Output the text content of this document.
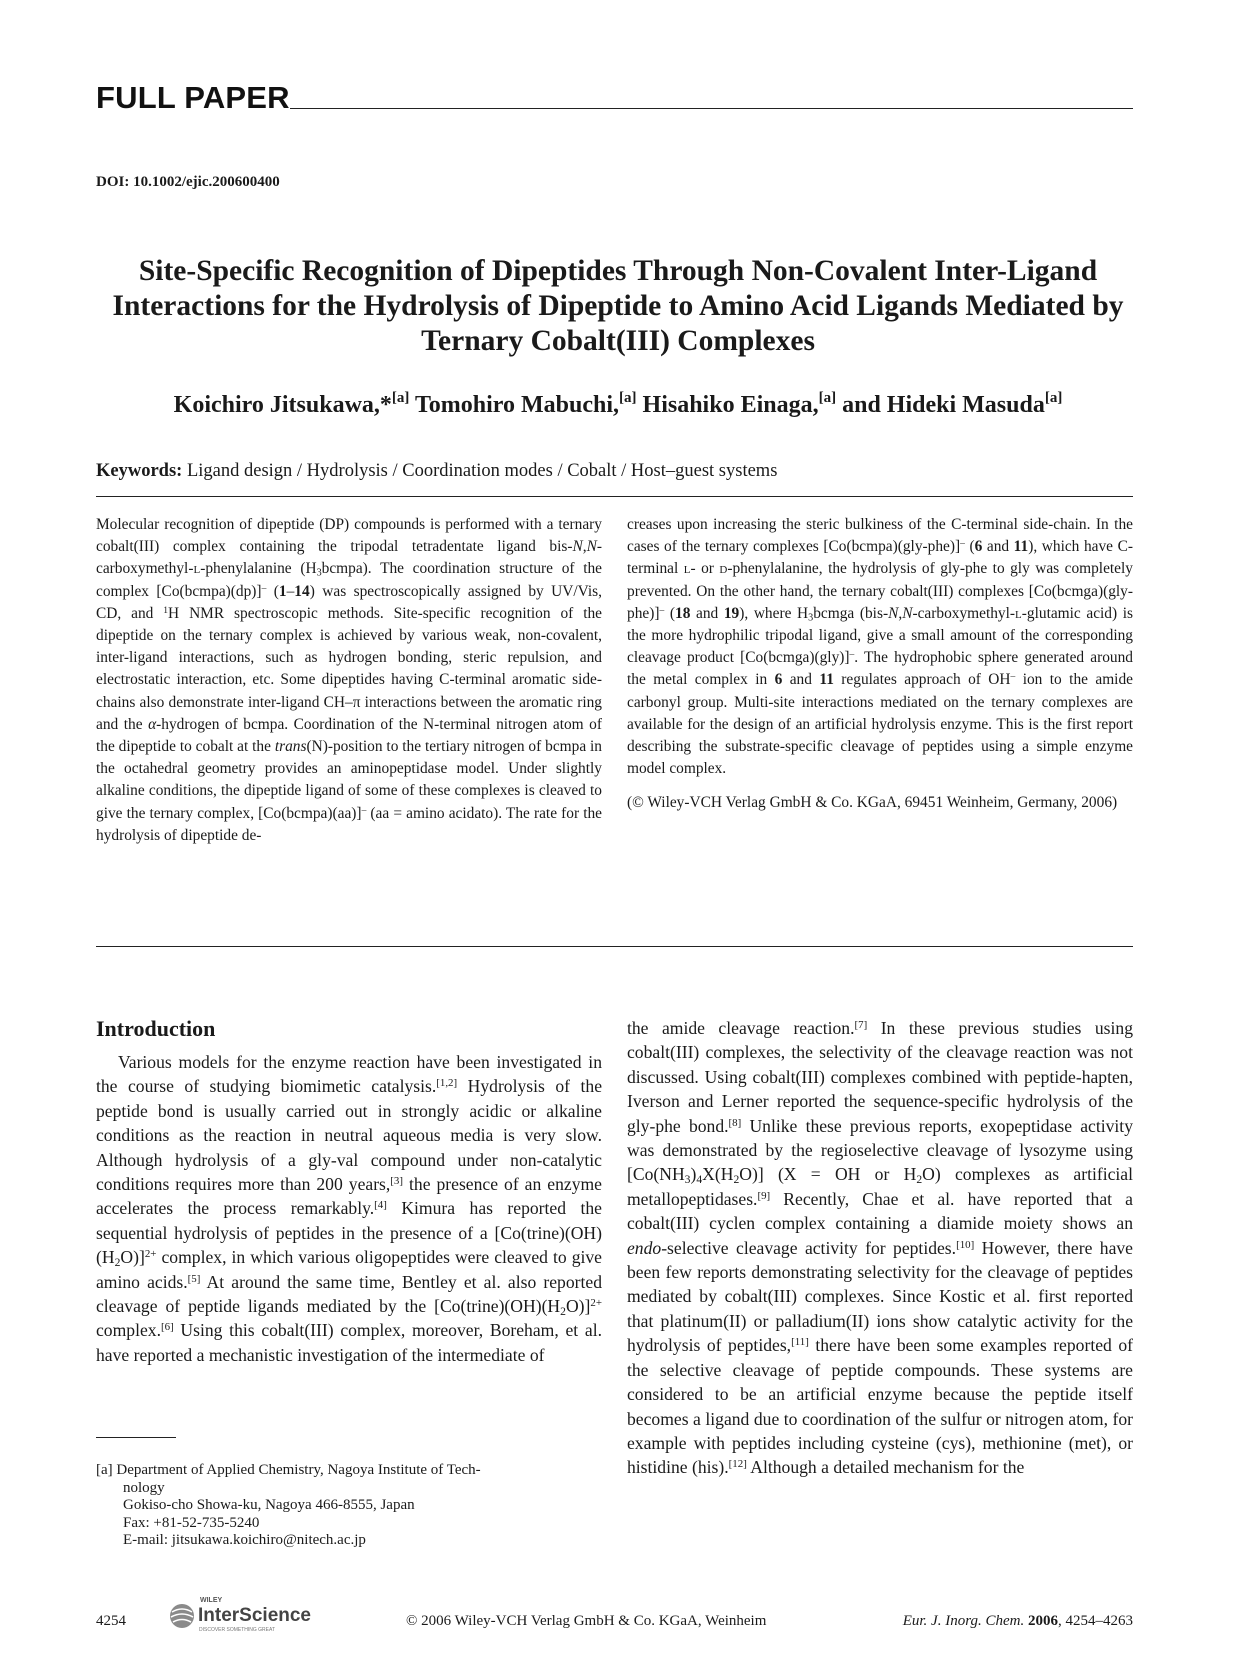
FULL PAPER
DOI: 10.1002/ejic.200600400
Site-Specific Recognition of Dipeptides Through Non-Covalent Inter-Ligand Interactions for the Hydrolysis of Dipeptide to Amino Acid Ligands Mediated by Ternary Cobalt(III) Complexes
Koichiro Jitsukawa,*[a] Tomohiro Mabuchi,[a] Hisahiko Einaga,[a] and Hideki Masuda[a]
Keywords: Ligand design / Hydrolysis / Coordination modes / Cobalt / Host–guest systems

Molecular recognition of dipeptide (DP) compounds is performed with a ternary cobalt(III) complex containing the tripodal tetradentate ligand bis-N,N-carboxymethyl-l-phenylalanine $(H_3bcmpa)$. The coordination structure of the complex [Co(bcmpa)(dp)]– (1–14) was spectroscopically assigned by UV/Vis, CD, and $^1$H NMR spectroscopic methods. Site-specific recognition of the dipeptide on the ternary complex is achieved by various weak, non-covalent, inter-ligand interactions, such as hydrogen bonding, steric repulsion, and electrostatic interaction, etc. Some dipeptides having C-terminal aromatic side-chains also demonstrate inter-ligand CH–π interactions between the aromatic ring and the α-hydrogen of bcmpa. Coordination of the N-terminal nitrogen atom of the dipeptide to cobalt at the trans(N)-position to the tertiary nitrogen of bcmpa in the octahedral geometry provides an aminopeptidase model. Under slightly alkaline conditions, the dipeptide ligand of some of these complexes is cleaved to give the ternary complex, [Co(bcmpa)(aa)]– (aa = amino acidato). The rate for the hydrolysis of dipeptide de-

creases upon increasing the steric bulkiness of the C-terminal side-chain. In the cases of the ternary complexes [Co(bcmpa)(gly-phe)]– (6 and 11), which have C-terminal l- or d-phenylalanine, the hydrolysis of gly-phe to gly was completely prevented. On the other hand, the ternary cobalt(III) complexes [Co(bcmga)(gly-phe)]– (18 and 19), where $H_3bcmga$ (bis-N,N-carboxymethyl-l-glutamic acid) is the more hydrophilic tripodal ligand, give a small amount of the corresponding cleavage product [Co(bcmga)(gly)]–. The hydrophobic sphere generated around the metal complex in 6 and 11 regulates approach of OH– ion to the amide carbonyl group. Multi-site interactions mediated on the ternary complexes are available for the design of an artificial hydrolysis enzyme. This is the first report describing the substrate-specific cleavage of peptides using a simple enzyme model complex.

(© Wiley-VCH Verlag GmbH & Co. KGaA, 69451 Weinheim, Germany, 2006)

Introduction

Various models for the enzyme reaction have been investigated in the course of studying biomimetic catalysis.[1,2] Hydrolysis of the peptide bond is usually carried out in strongly acidic or alkaline conditions as the reaction in neutral aqueous media is very slow. Although hydrolysis of a gly-val compound under non-catalytic conditions requires more than 200 years,[3] the presence of an enzyme accelerates the process remarkably.[4] Kimura has reported the sequential hydrolysis of peptides in the presence of a $[Co(trine)(OH)(H_2O)]^{2+}$ complex, in which various oligopeptides were cleaved to give amino acids.[5] At around the same time, Bentley et al. also reported cleavage of peptide ligands mediated by the $[Co(trine)(OH)(H_2O)]^{2+}$ complex.[6] Using this cobalt(III) complex, moreover, Boreham, et al. have reported a mechanistic investigation of the intermediate of

the amide cleavage reaction.[7] In these previous studies using cobalt(III) complexes, the selectivity of the cleavage reaction was not discussed. Using cobalt(III) complexes combined with peptide-hapten, Iverson and Lerner reported the sequence-specific hydrolysis of the gly-phe bond.[8] Unlike these previous reports, exopeptidase activity was demonstrated by the regioselective cleavage of lysozyme using $[Co(NH_3)_4X(H_2O)] (X$ = OH or $H_2O$) complexes as artificial metallopeptidases.[9] Recently, Chae et al. have reported that a cobalt(III) cyclen complex containing a diamide moiety shows an endo-selective cleavage activity for peptides.[10] However, there have been few reports demonstrating selectivity for the cleavage of peptides mediated by cobalt(III) complexes. Since Kostic et al. first reported that platinum(II) or palladium(II) ions show catalytic activity for the hydrolysis of peptides,[11] there have been some examples reported of the selective cleavage of peptide compounds. These systems are considered to be an artificial enzyme because the peptide itself becomes a ligand due to coordination of the sulfur or nitrogen atom, for example with peptides including cysteine (cys), methionine (met), or histidine (his).[12] Although a detailed mechanism for the

[a] Department of Applied Chemistry, Nagoya Institute of Tech-
nology
Gokiso-cho Showa-ku, Nagoya 466-8555, Japan
Fax: +81-52-735-5240
E-mail: jitsukawa.koichiro@nitech.ac.jp
4254
WILEY
InterScience
DISCOVER SOMETHING GREAT
© 2006 Wiley-VCH Verlag GmbH & Co. KGaA, Weinheim	Eur. J. Inorg. Chem. 2006, 4254–4263
